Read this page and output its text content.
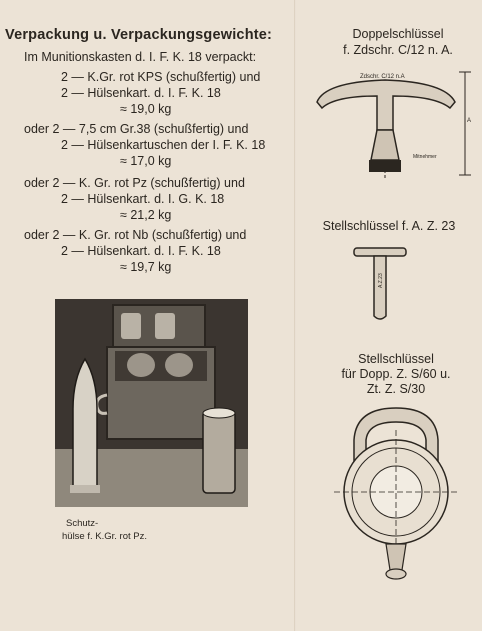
Verpackung u. Verpackungsgewichte:
Im Munitionskasten d. I. F. K. 18 verpackt:
2 — K.Gr. rot KPS (schußfertig) und
2 — Hülsenkart. d. I. F. K. 18
≈ 19,0 kg
oder 2 — 7,5 cm Gr.38 (schußfertig) und
2 — Hülsenkartuschen der I. F. K. 18
≈ 17,0 kg
oder 2 — K. Gr. rot Pz (schußfertig) und
2 — Hülsenkart. d. I. G. K. 18
≈ 21,2 kg
oder 2 — K. Gr. rot Nb (schußfertig) und
2 — Hülsenkart. d. I. F. K. 18
≈ 19,7 kg
Schutz-
hülse f. K.Gr. rot Pz.
Doppelschlüssel
f. Zdschr. C/12 n. A.
Zdschr. C/12 n.A
Mitnehmer
A
Stellschlüssel f. A. Z. 23
A.Z.23
Stellschlüssel
für Dopp. Z. S/60 u.
Zt. Z. S/30
